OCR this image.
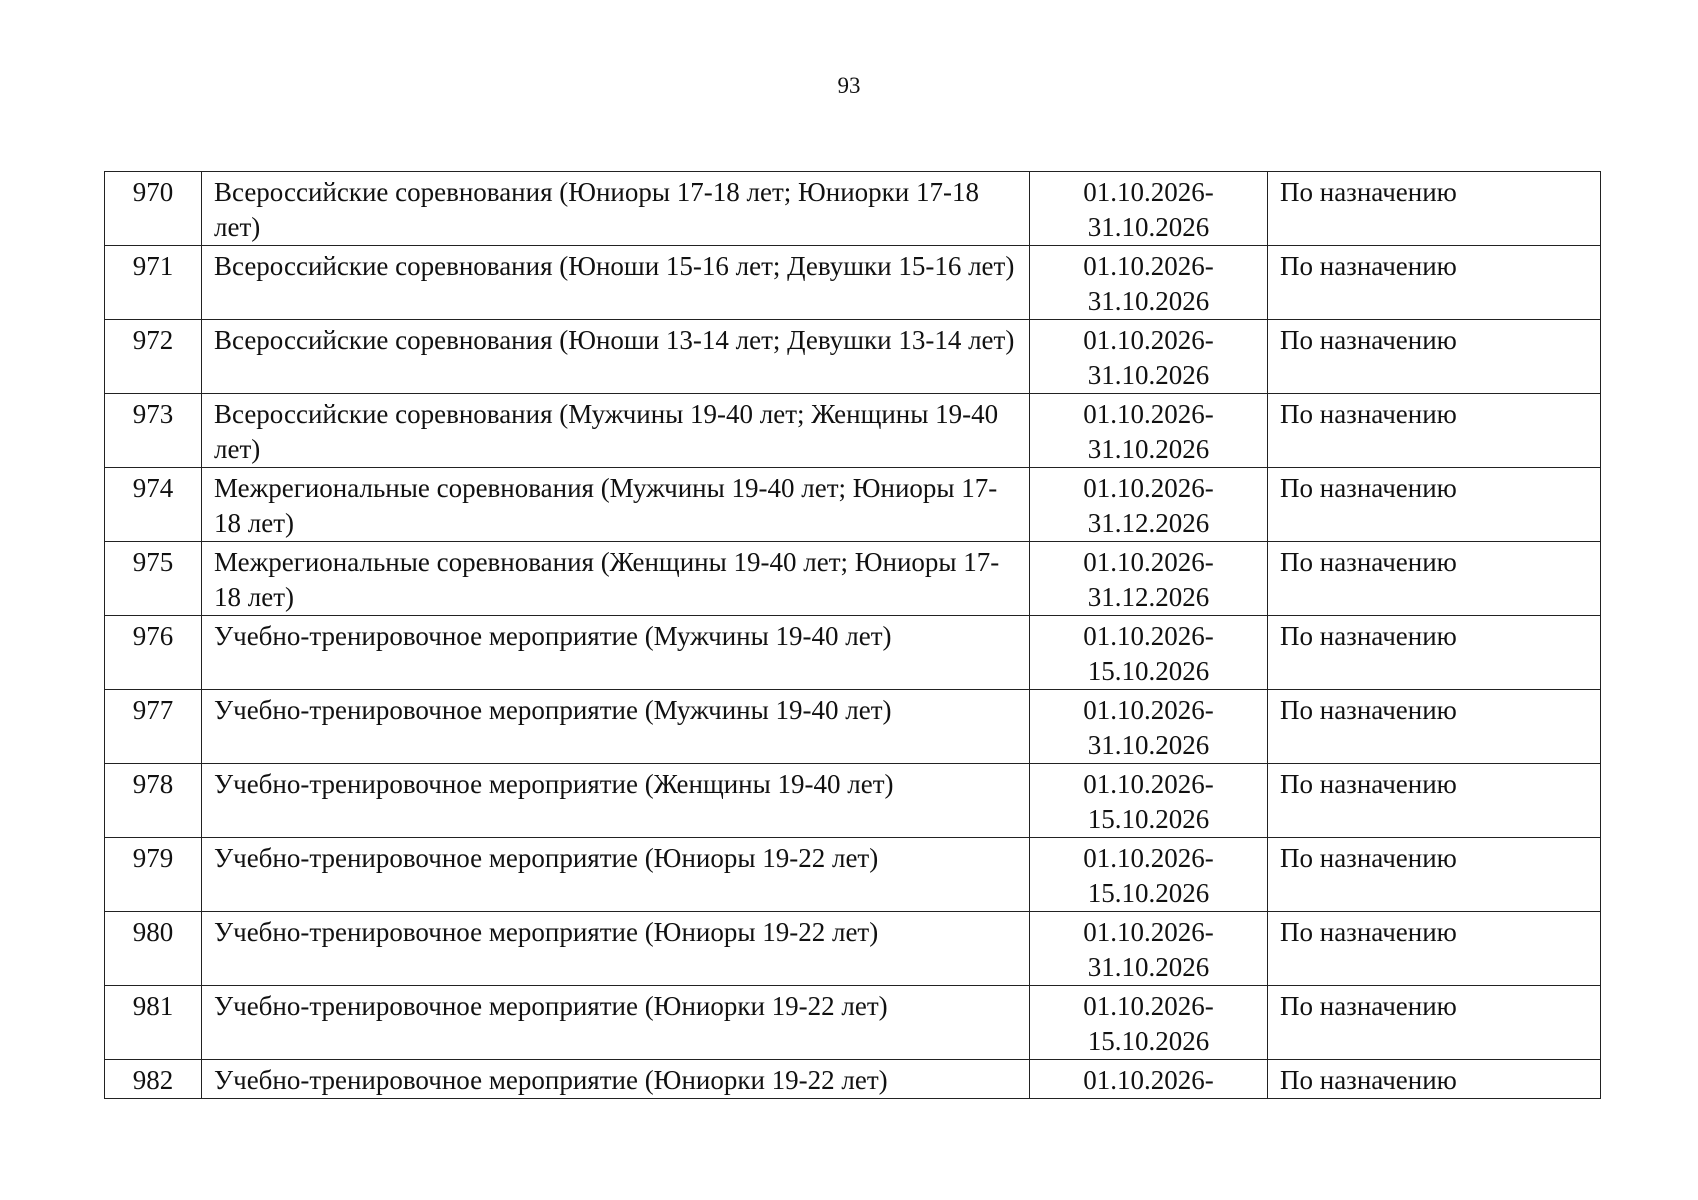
93
970	Всероссийские соревнования (Юниоры 17-18 лет; Юниорки 17-18 лет)	01.10.2026-
31.10.2026	По назначению
971	Всероссийские соревнования (Юноши 15-16 лет; Девушки 15-16 лет)	01.10.2026-
31.10.2026	По назначению
972	Всероссийские соревнования (Юноши 13-14 лет; Девушки 13-14 лет)	01.10.2026-
31.10.2026	По назначению
973	Всероссийские соревнования (Мужчины 19-40 лет; Женщины 19-40 лет)	01.10.2026-
31.10.2026	По назначению
974	Межрегиональные соревнования (Мужчины 19-40 лет; Юниоры 17-18 лет)	01.10.2026-
31.12.2026	По назначению
975	Межрегиональные соревнования (Женщины 19-40 лет; Юниоры 17-18 лет)	01.10.2026-
31.12.2026	По назначению
976	Учебно-тренировочное мероприятие (Мужчины 19-40 лет)	01.10.2026-
15.10.2026	По назначению
977	Учебно-тренировочное мероприятие (Мужчины 19-40 лет)	01.10.2026-
31.10.2026	По назначению
978	Учебно-тренировочное мероприятие (Женщины 19-40 лет)	01.10.2026-
15.10.2026	По назначению
979	Учебно-тренировочное мероприятие (Юниоры 19-22 лет)	01.10.2026-
15.10.2026	По назначению
980	Учебно-тренировочное мероприятие (Юниоры 19-22 лет)	01.10.2026-
31.10.2026	По назначению
981	Учебно-тренировочное мероприятие (Юниорки 19-22 лет)	01.10.2026-
15.10.2026	По назначению
982	Учебно-тренировочное мероприятие (Юниорки 19-22 лет)	01.10.2026-	По назначению
